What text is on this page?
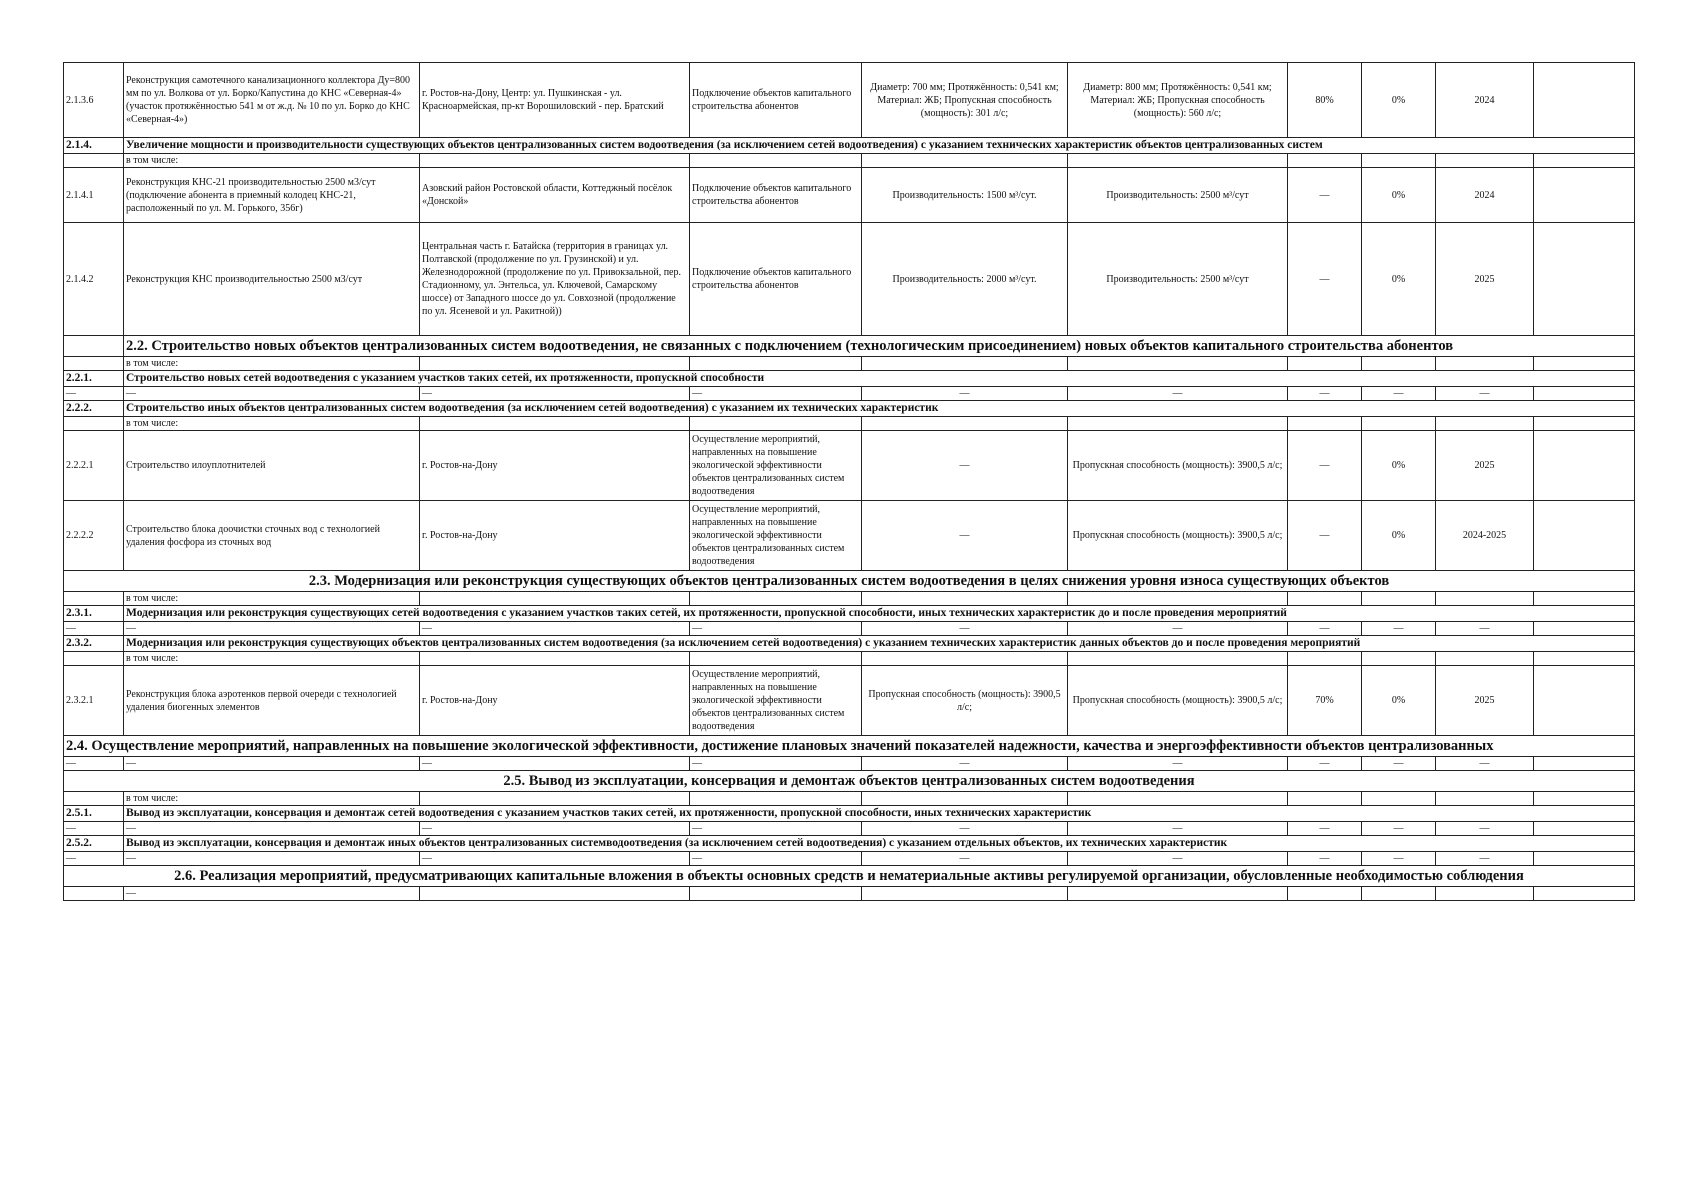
2.1.3.6	Реконструкция самотечного канализационного коллектора Ду=800 мм по ул. Волкова от ул. Борко/Капустина до КНС «Северная-4» (участок протяжённостью 541 м от ж.д. № 10 по ул. Борко до КНС «Северная-4»)	г. Ростов-на-Дону, Центр: ул. Пушкинская - ул. Красноармейская, пр-кт Ворошиловский - пер. Братский	Подключение объектов капитального строительства абонентов	Диаметр: 700 мм; Протяжённость: 0,541 км; Материал: ЖБ; Пропускная способность (мощность): 301 л/с;	Диаметр: 800 мм; Протяжённость: 0,541 км; Материал: ЖБ; Пропускная способность (мощность): 560 л/с;	80%	0%	2024	
2.1.4.	Увеличение мощности и производительности существующих объектов централизованных систем водоотведения (за исключением сетей водоотведения) с указанием технических характеристик объектов централизованных систем								
	в том числе:								
2.1.4.1	Реконструкция КНС-21 производительностью 2500 м3/сут (подключение абонента в приемный колодец КНС-21, расположенный по ул. М. Горького, 356г)	Азовский район Ростовской области, Коттеджный посёлок «Донской»	Подключение объектов капитального строительства абонентов	Производительность: 1500 м³/сут.	Производительность: 2500 м³/сут	—	0%	2024	
2.1.4.2	Реконструкция КНС производительностью 2500 м3/сут	Центральная часть г. Батайска (территория в границах ул. Полтавской (продолжение по ул. Грузинской) и ул. Железнодорожной (продолжение по ул. Привокзальной, пер. Стадионному, ул. Энтельса, ул. Ключевой, Самарскому шоссе) от Западного шоссе до ул. Совхозной (продолжение по ул. Ясеневой и ул. Ракитной))	Подключение объектов капитального строительства абонентов	Производительность: 2000 м³/сут.	Производительность: 2500 м³/сут	—	0%	2025	
	2.2. Строительство новых объектов централизованных систем водоотведения, не связанных с подключением (технологическим присоединением) новых объектов капитального строительства абонентов								
	в том числе:								
2.2.1.	Строительство новых сетей водоотведения с указанием участков таких сетей, их протяженности, пропускной способности								
—	—	—	—	—	—	—	—	—	
2.2.2.	Строительство иных объектов централизованных систем водоотведения (за исключением сетей водоотведения) с указанием их технических характеристик								
	в том числе:								
2.2.2.1	Строительство илоуплотнителей	г. Ростов-на-Дону	Осуществление мероприятий, направленных на повышение экологической эффективности объектов централизованных систем водоотведения	—	Пропускная способность (мощность): 3900,5 л/с;	—	0%	2025	
2.2.2.2	Строительство блока доочистки сточных вод с технологией удаления фосфора из сточных вод	г. Ростов-на-Дону	Осуществление мероприятий, направленных на повышение экологической эффективности объектов централизованных систем водоотведения	—	Пропускная способность (мощность): 3900,5 л/с;	—	0%	2024-2025	
2.3. Модернизация или реконструкция существующих объектов централизованных систем водоотведения в целях снижения уровня износа существующих объектов									
	в том числе:								
2.3.1.	Модернизация или реконструкция существующих сетей водоотведения с указанием участков таких сетей, их протяженности, пропускной способности, иных технических характеристик до и после проведения мероприятий								
—	—	—	—	—	—	—	—	—	
2.3.2.	Модернизация или реконструкция существующих объектов централизованных систем водоотведения (за исключением сетей водоотведения) с указанием технических характеристик данных объектов до и после проведения мероприятий								
	в том числе:								
2.3.2.1	Реконструкция блока аэротенков первой очереди с технологией удаления биогенных элементов	г. Ростов-на-Дону	Осуществление мероприятий, направленных на повышение экологической эффективности объектов централизованных систем водоотведения	Пропускная способность (мощность): 3900,5 л/с;	Пропускная способность (мощность): 3900,5 л/с;	70%	0%	2025	
2.4. Осуществление мероприятий, направленных на повышение экологической эффективности, достижение плановых значений показателей надежности, качества и энергоэффективности объектов централизованных									
—	—	—	—	—	—	—	—	—	
2.5. Вывод из эксплуатации, консервация и демонтаж объектов централизованных систем водоотведения									
	в том числе:								
2.5.1.	Вывод из эксплуатации, консервация и демонтаж сетей водоотведения с указанием участков таких сетей, их протяженности, пропускной способности, иных технических характеристик								
—	—	—	—	—	—	—	—	—	
2.5.2.	Вывод из эксплуатации, консервация и демонтаж иных объектов централизованных системводоотведения (за исключением сетей водоотведения) с указанием отдельных объектов, их технических характеристик								
—	—	—	—	—	—	—	—	—	
2.6. Реализация мероприятий, предусматривающих капитальные вложения в объекты основных средств и нематериальные активы регулируемой организации, обусловленные необходимостью соблюдения									
	—								
